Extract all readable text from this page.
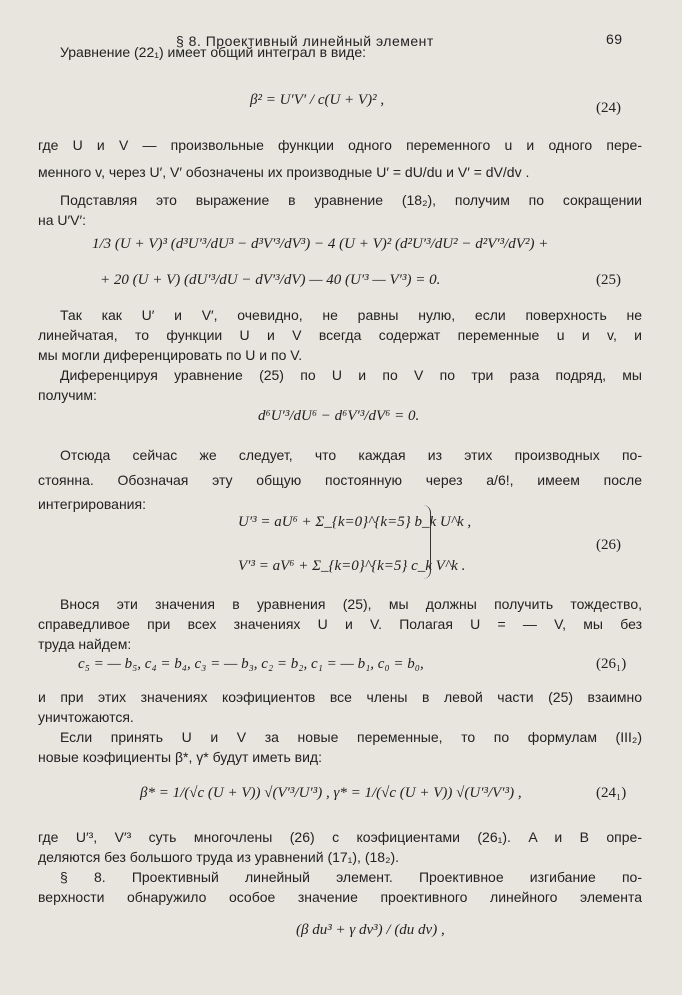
§ 8. Проективный линейный элемент	69
Уравнение (22₁) имеет общий интеграл в виде:
где U и V — произвольные функции одного переменного u и одного пере-
менного v, через U′, V′ обозначены их производные U′ = dU/du и V′ = dV/dv .
Подставляя это выражение в уравнение (18₂), получим по сокращении
на U′V′:
Так как U′ и V′, очевидно, не равны нулю, если поверхность не
линейчатая, то функции U и V всегда содержат переменные u и v, и
мы могли диференцировать по U и по V.
Диференцируя уравнение (25) по U и по V по три раза подряд, мы
получим:
Отсюда сейчас же следует, что каждая из этих производных по-
стоянна. Обозначая эту общую постоянную через a/6!, имеем после
интегрирования:
Внося эти значения в уравнения (25), мы должны получить тождество,
справедливое при всех значениях U и V. Полагая U = — V, мы без
труда найдем:
и при этих значениях коэфициентов все члены в левой части (25) взаимно
уничтожаются.
Если принять U и V за новые переменные, то по формулам (III₂)
новые коэфициенты β*, γ* будут иметь вид:
где U′³, V′³ суть многочлены (26) с коэфициентами (26₁). A и B опре-
деляются без большого труда из уравнений (17₁), (18₂).
§ 8. Проективный линейный элемент. Проективное изгибание по-
верхности обнаружило особое значение проективного линейного элемента
β² = U′V′ / c(U + V)² ,
1/3 (U + V)³ (d³U′³/dU³ − d³V′³/dV³) − 4 (U + V)² (d²U′³/dU² − d²V′³/dV²) +
+ 20 (U + V) (dU′³/dU − dV′³/dV) — 40 (U′³ — V′³) = 0.
d⁶U′³/dU⁶ − d⁶V′³/dV⁶ = 0.
U′³ = aU⁶ + Σ_{k=0}^{k=5} b_k U^k ,
V′³ = aV⁶ + Σ_{k=0}^{k=5} c_k V^k .
c₅ = — b₅, c₄ = b₄, c₃ = — b₃, c₂ = b₂, c₁ = — b₁, c₀ = b₀,
β* = 1/(√c (U + V)) √(V′³/U′³) , γ* = 1/(√c (U + V)) √(U′³/V′³) ,
(β du³ + γ dv³) / (du dv) ,
(24)
(25)
(26)
(26₁)
(24₁)
